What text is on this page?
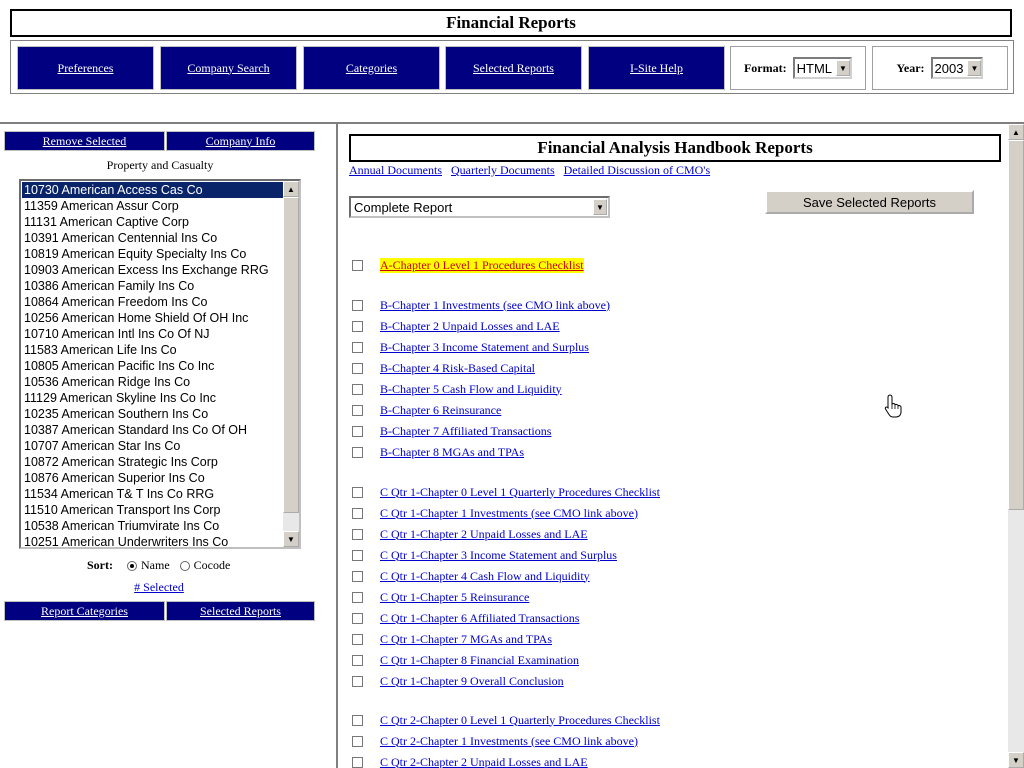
Financial Reports
Preferences	Company Search	Categories	Selected Reports	I-Site Help	Format: HTML ▼	Year: 2003 ▼
Remove Selected	Company Info
Property and Casualty
10730 American Access Cas Co
11359 American Assur Corp
11131 American Captive Corp
10391 American Centennial Ins Co
10819 American Equity Specialty Ins Co
10903 American Excess Ins Exchange RRG
10386 American Family Ins Co
10864 American Freedom Ins Co
10256 American Home Shield Of OH Inc
10710 American Intl Ins Co Of NJ
11583 American Life Ins Co
10805 American Pacific Ins Co Inc
10536 American Ridge Ins Co
11129 American Skyline Ins Co Inc
10235 American Southern Ins Co
10387 American Standard Ins Co Of OH
10707 American Star Ins Co
10872 American Strategic Ins Corp
10876 American Superior Ins Co
11534 American T& T Ins Co RRG
11510 American Transport Ins Corp
10538 American Triumvirate Ins Co
10251 American Underwriters Ins Co
▲
▼
Sort: Name Cocode
# Selected
Report Categories	Selected Reports
Financial Analysis Handbook Reports
Annual Documents Quarterly Documents Detailed Discussion of CMO's
Complete Report	▼	Save Selected Reports
A-Chapter 0 Level 1 Procedures Checklist
B-Chapter 1 Investments (see CMO link above)
B-Chapter 2 Unpaid Losses and LAE
B-Chapter 3 Income Statement and Surplus
B-Chapter 4 Risk-Based Capital
B-Chapter 5 Cash Flow and Liquidity
B-Chapter 6 Reinsurance
B-Chapter 7 Affiliated Transactions
B-Chapter 8 MGAs and TPAs
C Qtr 1-Chapter 0 Level 1 Quarterly Procedures Checklist
C Qtr 1-Chapter 1 Investments (see CMO link above)
C Qtr 1-Chapter 2 Unpaid Losses and LAE
C Qtr 1-Chapter 3 Income Statement and Surplus
C Qtr 1-Chapter 4 Cash Flow and Liquidity
C Qtr 1-Chapter 5 Reinsurance
C Qtr 1-Chapter 6 Affiliated Transactions
C Qtr 1-Chapter 7 MGAs and TPAs
C Qtr 1-Chapter 8 Financial Examination
C Qtr 1-Chapter 9 Overall Conclusion
C Qtr 2-Chapter 0 Level 1 Quarterly Procedures Checklist
C Qtr 2-Chapter 1 Investments (see CMO link above)
C Qtr 2-Chapter 2 Unpaid Losses and LAE
▲
▼
